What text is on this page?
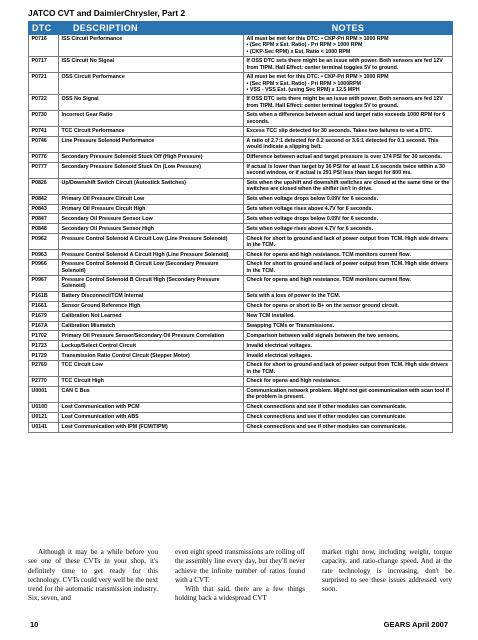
JATCO CVT and DaimlerChrysler, Part 2
DTC	DESCRIPTION	NOTES
P0716	ISS Circuit Performance	All must be met for this DTC: • CKP-Pri RPM > 1000 RPM
• (Sec RPM x Est. Ratio) - Pri RPM > 1000 RPM
• (CKP-Sec RPM) x Est. Ratio < 1000 RPM

P0717	ISS Circuit No Signal	If OSS DTC sets there might be an issue with power. Both sensors are fed 12V from TIPM. Hall Effect: center terminal toggles 5V to ground.

P0721	OSS Circuit Performance	All must be met for this DTC: • CKP-Pri RPM > 1000 RPM
• (Sec RPM x Est. Ratio) - Pri RPM > 1000RPM
• VSS - VSS Est. (using Sec RPM) ≥ 12.5 MPH

P0722	OSS No Signal	If OSS DTC sets there might be an issue with power. Both sensors are fed 12V from TIPM. Hall Effect: center terminal toggles 5V to ground.

P0730	Incorrect Gear Ratio	Sets when a difference between actual and target ratio exceeds 1000 RPM for 6 seconds.

P0741	TCC Circuit Performance	Excess TCC slip detected for 30 seconds. Takes two failures to set a DTC.

P0746	Line Pressure Solenoid Performance	A ratio of 2.7:1 detected for 0.2 second or 3.6:1 detected for 0.1 second. This would indicate a slipping belt.

P0776	Secondary Pressure Solenoid Stuck Off (High Pressure)	Difference between actual and target pressure is over 174 PSI for 30 seconds.

P0777	Secondary Pressure Solenoid Stuck On (Low Pressure)	If actual is lower than target by 36 PSI for at least 1.6 seconds twice within a 30 second window, or if actual is 291 PSI less than target for 800 ms.

P0826	Up/Downshift Switch Circuit (Autostick Switches)	Sets when the upshift and downshift switches are closed at the same time or the switches are closed when the shifter isn't in drive.

P0842	Primary Oil Pressure Circuit Low	Sets when voltage drops below 0.09V for 6 seconds.

P0843	Primary Oil Pressure Circuit High	Sets when voltage rises above 4.7V for 6 seconds.

P0847	Secondary Oil Pressure Sensor Low	Sets when voltage drops below 0.09V for 6 seconds.

P0848	Secondary Oil Pressure Sensor High	Sets when voltage rises above 4.7V for 6 seconds.

P0962	Pressure Control Solenoid A Circuit Low (Line Pressure Solenoid)	Check for short to ground and lack of power output from TCM. High side drivers in the TCM.

P0963	Pressure Control Solenoid A Circuit High (Line Pressure Solenoid)	Check for opens and high resistance. TCM monitors current flow.

P0966	Pressure Control Solenoid B Circuit Low (Secondary Pressure Solenoid)	Check for short to ground and lack of power output from TCM. High side drivers in the TCM.

P0967	Pressure Control Solenoid B Circuit High (Secondary Pressure Solenoid)	Check for opens and high resistance. TCM monitors current flow.

P161B	Battery Disconnect/TCM Internal	Sets with a loss of power to the TCM.

P1661	Sensor Ground Reference High	Check for opens or short to B+ on the sensor ground circuit.

P1679	Calibration Not Learned	New TCM installed.

P167A	Calibration Mismatch	Swapping TCMs or Transmissions.

P1702	Primary Oil Pressure Sensor/Secondary Oil Pressure Correlation	Comparison between valid signals between the two sensors.

P1723	Lockup/Select Control Circuit	Invalid electrical voltages.

P1729	Transmission Ratio Control Circuit (Stepper Motor)	Invalid electrical voltages.

P2769	TCC Circuit Low	Check for short to ground and lack of power output from TCM. High side drivers in the TCM.

P2770	TCC Circuit High	Check for opens and high resistance.

U0001	CAN C Bus	Communication network problem. Might not get communication with scan tool if the problem is present.

U0100	Lost Communication with PCM	Check connections and see if other modules can communicate.

U0121	Lost Communication with ABS	Check connections and see if other modules can communicate.

U0141	Lost Communication with IPM (FCM/TIPM)	Check connections and see if other modules can communicate.
Although it may be a while before you see one of these CVTs in your shop, it's definitely time to get ready for this technology. CVTs could very well be the next trend for the automatic transmission industry. Six, seven, and
even eight speed transmissions are rolling off the assembly line every day, but they'll never achieve the infinite number of ratios found with a CVT.
With that said, there are a few things holding back a widespread CVT
market right now, including weight, torque capacity, and ratio-change speed. And at the rate technology is increasing, don't be surprised to see these issues addressed very soon.
10	GEARS April 2007
